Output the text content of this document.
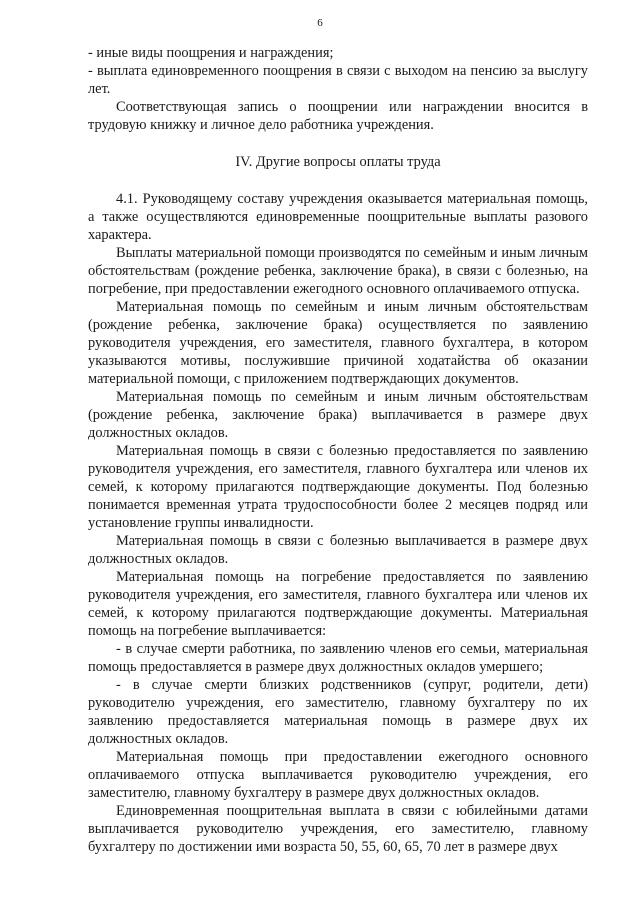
6

- иные виды поощрения и награждения;

- выплата единовременного поощрения в связи с выходом на пенсию за выслугу лет.

Соответствующая запись о поощрении или награждении вносится в трудовую книжку и личное дело работника учреждения.

IV. Другие вопросы оплаты труда

4.1. Руководящему составу учреждения оказывается материальная помощь, а также осуществляются единовременные поощрительные выплаты разового характера.

Выплаты материальной помощи производятся по семейным и иным личным обстоятельствам (рождение ребенка, заключение брака), в связи с болезнью, на погребение, при предоставлении ежегодного основного оплачиваемого отпуска.

Материальная помощь по семейным и иным личным обстоятельствам (рождение ребенка, заключение брака) осуществляется по заявлению руководителя учреждения, его заместителя, главного бухгалтера, в котором указываются мотивы, послужившие причиной ходатайства об оказании материальной помощи, с приложением подтверждающих документов.

Материальная помощь по семейным и иным личным обстоятельствам (рождение ребенка, заключение брака) выплачивается в размере двух должностных окладов.

Материальная помощь в связи с болезнью предоставляется по заявлению руководителя учреждения, его заместителя, главного бухгалтера или членов их семей, к которому прилагаются подтверждающие документы. Под болезнью понимается временная утрата трудоспособности более 2 месяцев подряд или установление группы инвалидности.

Материальная помощь в связи с болезнью выплачивается в размере двух должностных окладов.

Материальная помощь на погребение предоставляется по заявлению руководителя учреждения, его заместителя, главного бухгалтера или членов их семей, к которому прилагаются подтверждающие документы. Материальная помощь на погребение выплачивается:

- в случае смерти работника, по заявлению членов его семьи, материальная помощь предоставляется в размере двух должностных окладов умершего;

- в случае смерти близких родственников (супруг, родители, дети) руководителю учреждения, его заместителю, главному бухгалтеру по их заявлению предоставляется материальная помощь в размере двух их должностных окладов.

Материальная помощь при предоставлении ежегодного основного оплачиваемого отпуска выплачивается руководителю учреждения, его заместителю, главному бухгалтеру в размере двух должностных окладов.

Единовременная поощрительная выплата в связи с юбилейными датами выплачивается руководителю учреждения, его заместителю, главному бухгалтеру по достижении ими возраста 50, 55, 60, 65, 70 лет в размере двух
